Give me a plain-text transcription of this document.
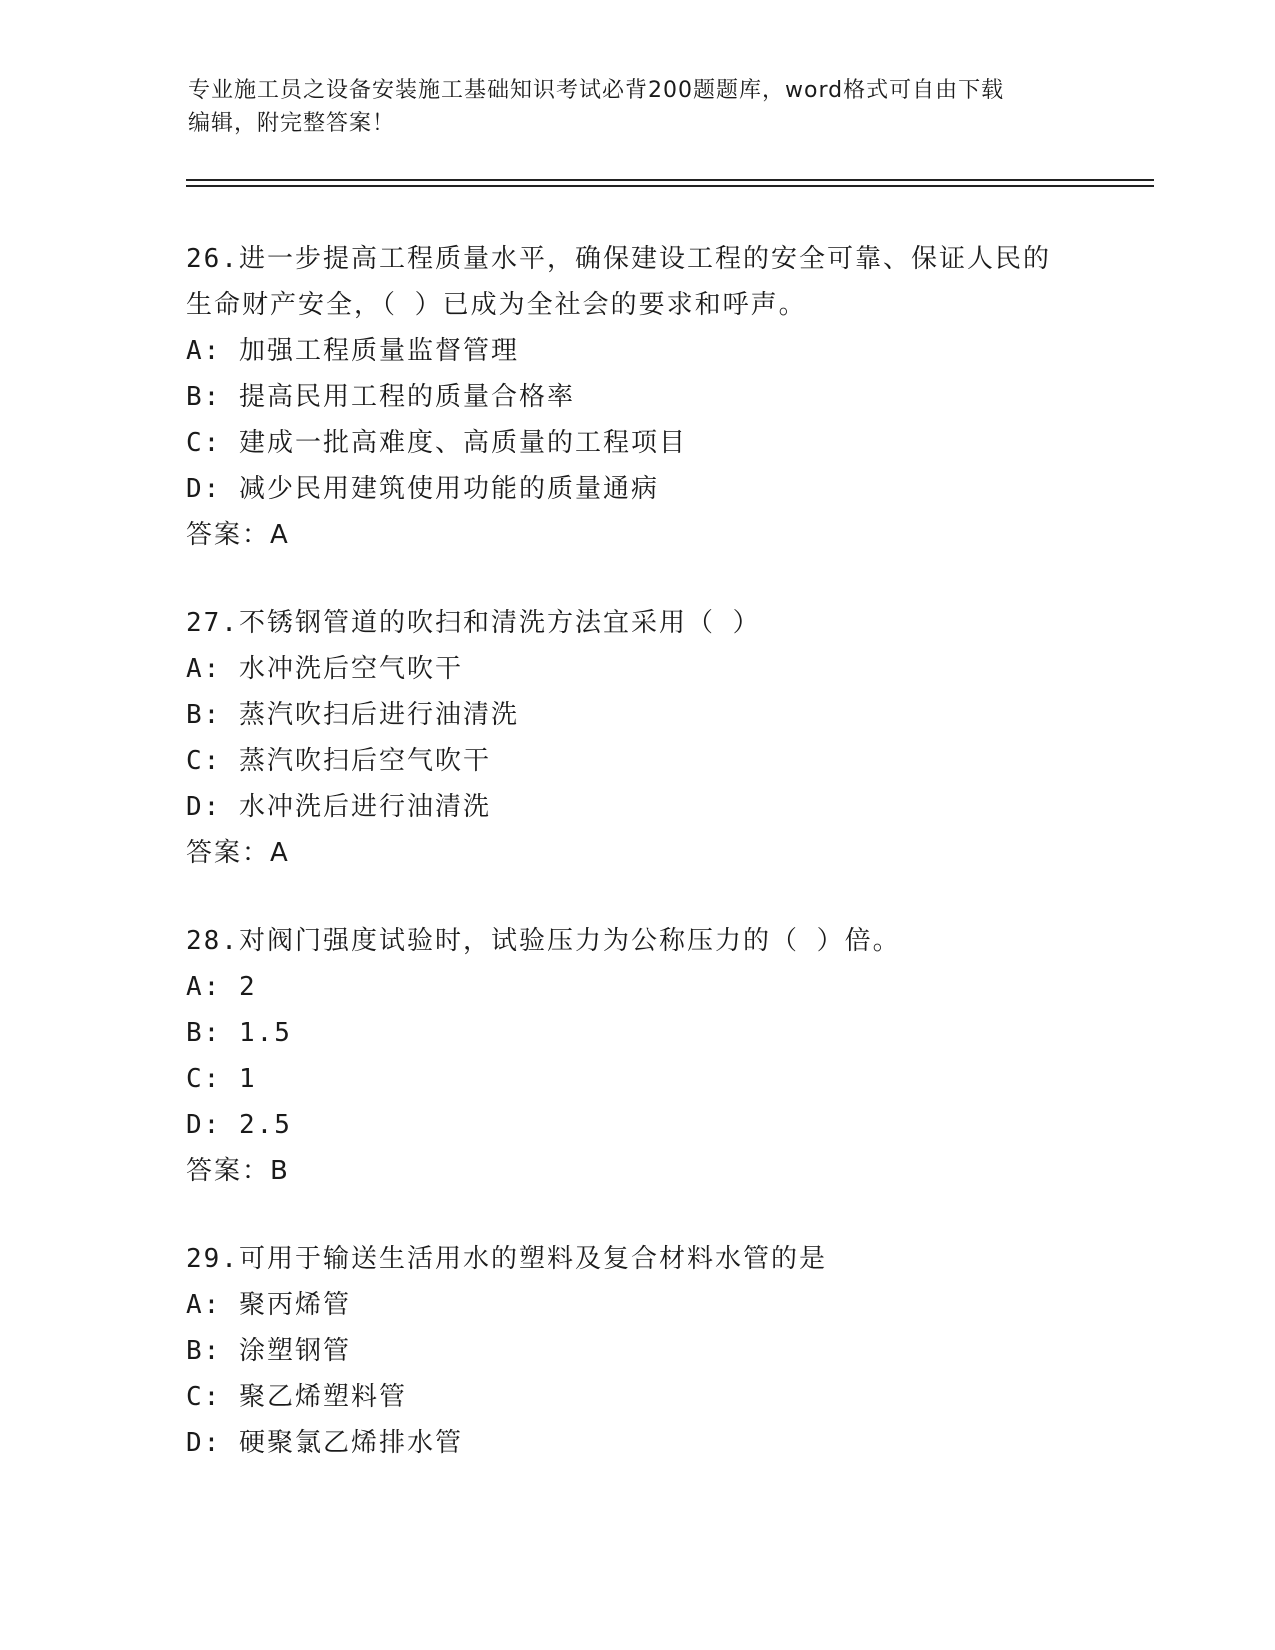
专业施工员之设备安装施工基础知识考试必背200题题库，word格式可自由下载
编辑，附完整答案！
26.进一步提高工程质量水平，确保建设工程的安全可靠、保证人民的
生命财产安全，（ ）已成为全社会的要求和呼声。
A: 加强工程质量监督管理
B: 提高民用工程的质量合格率
C: 建成一批高难度、高质量的工程项目
D: 减少民用建筑使用功能的质量通病
答案：A
27.不锈钢管道的吹扫和清洗方法宜采用（ ）
A: 水冲洗后空气吹干
B: 蒸汽吹扫后进行油清洗
C: 蒸汽吹扫后空气吹干
D: 水冲洗后进行油清洗
答案：A
28.对阀门强度试验时，试验压力为公称压力的（ ）倍。
A: 2
B: 1.5
C: 1
D: 2.5
答案：B
29.可用于输送生活用水的塑料及复合材料水管的是
A: 聚丙烯管
B: 涂塑钢管
C: 聚乙烯塑料管
D: 硬聚氯乙烯排水管
